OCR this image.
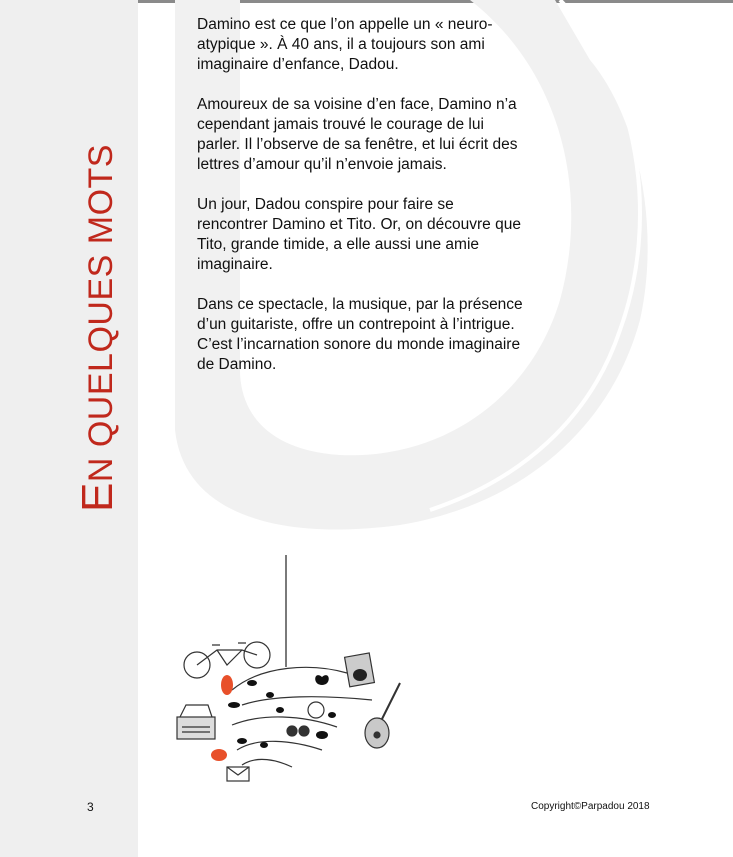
EN QUELQUES MOTS

Damino est ce que l’on appelle un « neuro-atypique ». À 40 ans, il a toujours son ami imaginaire d’enfance, Dadou.

Amoureux de sa voisine d’en face, Damino n’a cependant jamais trouvé le courage de lui parler. Il l’observe de sa fenêtre, et lui écrit des lettres d’amour qu’il n’envoie jamais.

Un jour, Dadou conspire pour faire se rencontrer Damino et Tito. Or, on découvre que Tito, grande timide, a elle aussi une amie imaginaire.

Dans ce spectacle, la musique, par la présence d’un guitariste, offre un contrepoint à l’intrigue. C’est l’incarnation sonore du monde imaginaire de Damino.

3	Copyright©Parpadou 2018
